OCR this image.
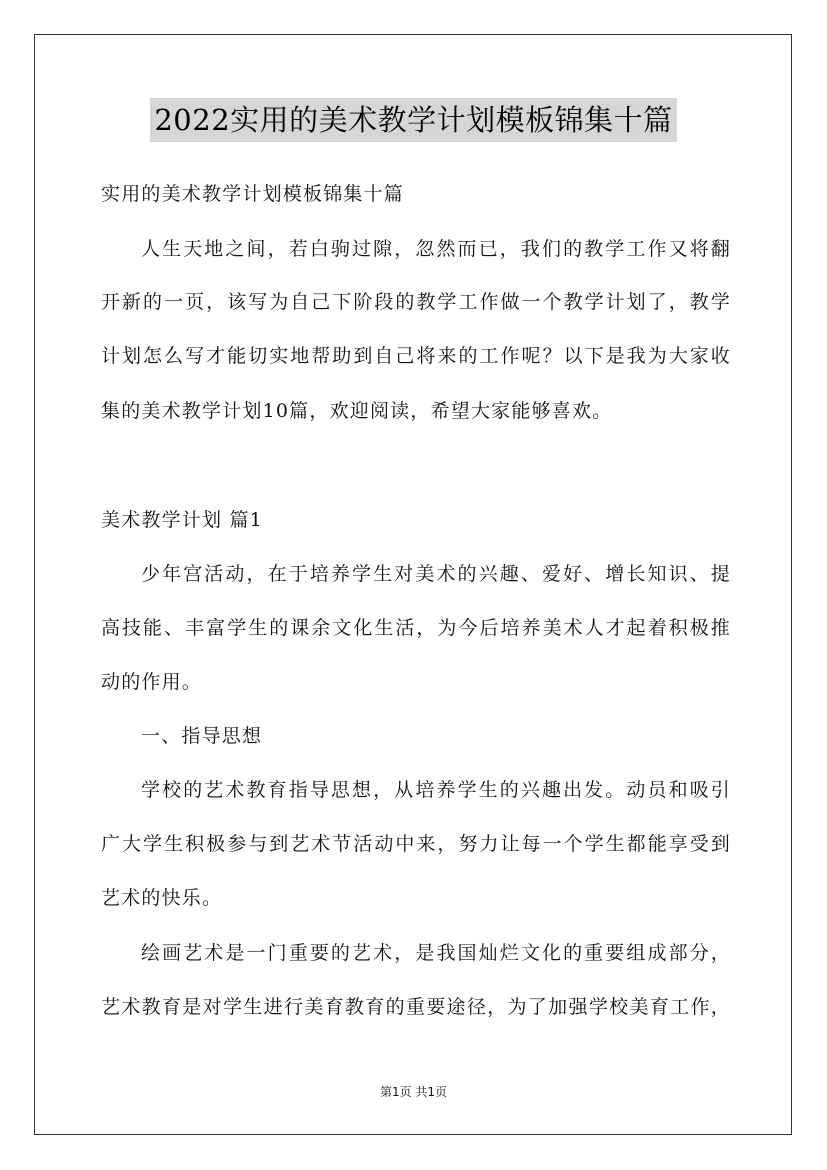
2022实用的美术教学计划模板锦集十篇
实用的美术教学计划模板锦集十篇
人生天地之间，若白驹过隙，忽然而已，我们的教学工作又将翻
开新的一页，该写为自己下阶段的教学工作做一个教学计划了，教学
计划怎么写才能切实地帮助到自己将来的工作呢？以下是我为大家收
集的美术教学计划10篇，欢迎阅读，希望大家能够喜欢。
美术教学计划 篇1
少年宫活动，在于培养学生对美术的兴趣、爱好、增长知识、提
高技能、丰富学生的课余文化生活，为今后培养美术人才起着积极推
动的作用。
一、指导思想
学校的艺术教育指导思想，从培养学生的兴趣出发。动员和吸引
广大学生积极参与到艺术节活动中来，努力让每一个学生都能享受到
艺术的快乐。
绘画艺术是一门重要的艺术，是我国灿烂文化的重要组成部分，
艺术教育是对学生进行美育教育的重要途径，为了加强学校美育工作，
第1页 共1页
